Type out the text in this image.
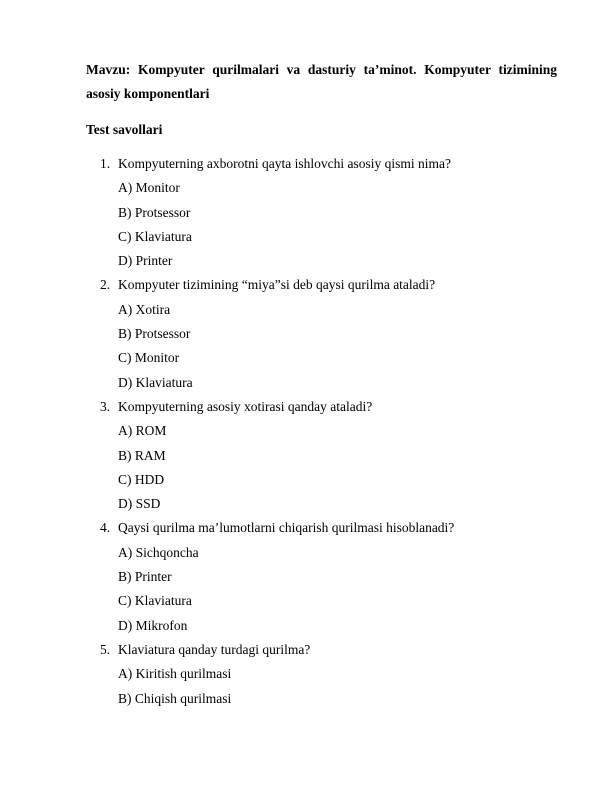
Mavzu: Kompyuter qurilmalari va dasturiy ta’minot. Kompyuter tizimining asosiy komponentlari
Test savollari
1. Kompyuterning axborotni qayta ishlovchi asosiy qismi nima?
A) Monitor
B) Protsessor
C) Klaviatura
D) Printer
2. Kompyuter tizimining “miya”si deb qaysi qurilma ataladi?
A) Xotira
B) Protsessor
C) Monitor
D) Klaviatura
3. Kompyuterning asosiy xotirasi qanday ataladi?
A) ROM
B) RAM
C) HDD
D) SSD
4. Qaysi qurilma ma’lumotlarni chiqarish qurilmasi hisoblanadi?
A) Sichqoncha
B) Printer
C) Klaviatura
D) Mikrofon
5. Klaviatura qanday turdagi qurilma?
A) Kiritish qurilmasi
B) Chiqish qurilmasi
